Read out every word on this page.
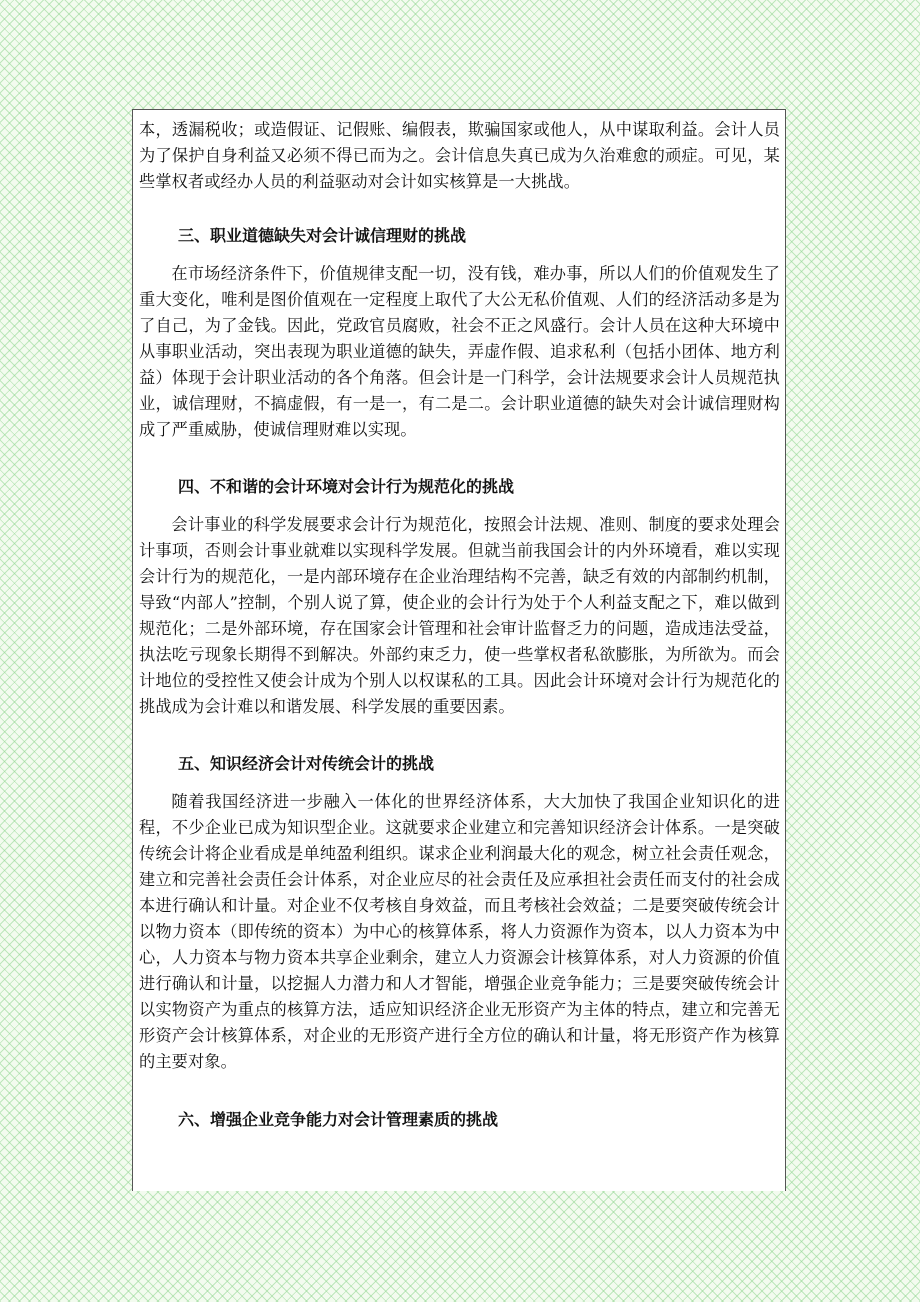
本，透漏税收；或造假证、记假账、编假表，欺骗国家或他人，从中谋取利益。会计人员为了保护自身利益又必须不得已而为之。会计信息失真已成为久治难愈的顽症。可见，某些掌权者或经办人员的利益驱动对会计如实核算是一大挑战。

三、职业道德缺失对会计诚信理财的挑战

在市场经济条件下，价值规律支配一切，没有钱，难办事，所以人们的价值观发生了重大变化，唯利是图价值观在一定程度上取代了大公无私价值观、人们的经济活动多是为了自己，为了金钱。因此，党政官员腐败，社会不正之风盛行。会计人员在这种大环境中从事职业活动，突出表现为职业道德的缺失，弄虚作假、追求私利（包括小团体、地方利益）体现于会计职业活动的各个角落。但会计是一门科学，会计法规要求会计人员规范执业，诚信理财，不搞虚假，有一是一，有二是二。会计职业道德的缺失对会计诚信理财构成了严重威胁，使诚信理财难以实现。

四、不和谐的会计环境对会计行为规范化的挑战

会计事业的科学发展要求会计行为规范化，按照会计法规、准则、制度的要求处理会计事项，否则会计事业就难以实现科学发展。但就当前我国会计的内外环境看，难以实现会计行为的规范化，一是内部环境存在企业治理结构不完善，缺乏有效的内部制约机制，导致“内部人”控制，个别人说了算，使企业的会计行为处于个人利益支配之下，难以做到规范化；二是外部环境，存在国家会计管理和社会审计监督乏力的问题，造成违法受益，执法吃亏现象长期得不到解决。外部约束乏力，使一些掌权者私欲膨胀，为所欲为。而会计地位的受控性又使会计成为个别人以权谋私的工具。因此会计环境对会计行为规范化的挑战成为会计难以和谐发展、科学发展的重要因素。

五、知识经济会计对传统会计的挑战

随着我国经济进一步融入一体化的世界经济体系，大大加快了我国企业知识化的进程，不少企业已成为知识型企业。这就要求企业建立和完善知识经济会计体系。一是突破传统会计将企业看成是单纯盈利组织。谋求企业利润最大化的观念，树立社会责任观念，建立和完善社会责任会计体系，对企业应尽的社会责任及应承担社会责任而支付的社会成本进行确认和计量。对企业不仅考核自身效益，而且考核社会效益；二是要突破传统会计以物力资本（即传统的资本）为中心的核算体系，将人力资源作为资本，以人力资本为中心，人力资本与物力资本共享企业剩余，建立人力资源会计核算体系，对人力资源的价值进行确认和计量，以挖掘人力潜力和人才智能，增强企业竞争能力；三是要突破传统会计以实物资产为重点的核算方法，适应知识经济企业无形资产为主体的特点，建立和完善无形资产会计核算体系，对企业的无形资产进行全方位的确认和计量，将无形资产作为核算的主要对象。

六、增强企业竞争能力对会计管理素质的挑战
